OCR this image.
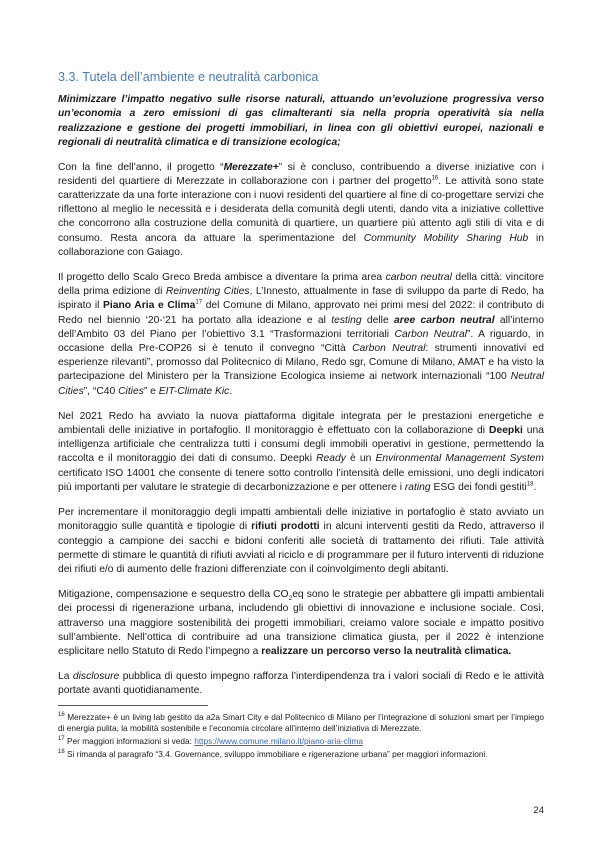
3.3. Tutela dell’ambiente e neutralità carbonica

Minimizzare l’impatto negativo sulle risorse naturali, attuando un’evoluzione progressiva verso un’economia a zero emissioni di gas climalteranti sia nella propria operatività sia nella realizzazione e gestione dei progetti immobiliari, in linea con gli obiettivi europei, nazionali e regionali di neutralità climatica e di transizione ecologica;

Con la fine dell’anno, il progetto “Merezzate+” si è concluso, contribuendo a diverse iniziative con i residenti del quartiere di Merezzate in collaborazione con i partner del progetto$^{16}$. Le attività sono state caratterizzate da una forte interazione con i nuovi residenti del quartiere al fine di co-progettare servizi che riflettono al meglio le necessità e i desiderata della comunità degli utenti, dando vita a iniziative collettive che concorrono alla costruzione della comunità di quartiere, un quartiere più attento agli stili di vita e di consumo. Resta ancora da attuare la sperimentazione del Community Mobility Sharing Hub in collaborazione con Gaiago.

Il progetto dello Scalo Greco Breda ambisce a diventare la prima area carbon neutral della città: vincitore della prima edizione di Reinventing Cities, L’Innesto, attualmente in fase di sviluppo da parte di Redo, ha ispirato il Piano Aria e Clima$^{17}$ del Comune di Milano, approvato nei primi mesi del 2022: il contributo di Redo nel biennio ‘20-‘21 ha portato alla ideazione e al testing delle aree carbon neutral all’interno dell’Ambito 03 del Piano per l’obiettivo 3.1 “Trasformazioni territoriali Carbon Neutral”. A riguardo, in occasione della Pre-COP26 si è tenuto il convegno “Città Carbon Neutral: strumenti innovativi ed esperienze rilevanti”, promosso dal Politecnico di Milano, Redo sgr, Comune di Milano, AMAT e ha visto la partecipazione del Ministero per la Transizione Ecologica insieme ai network internazionali “100 Neutral Cities”, “C40 Cities” e EIT-Climate Kic.

Nel 2021 Redo ha avviato la nuova piattaforma digitale integrata per le prestazioni energetiche e ambientali delle iniziative in portafoglio. Il monitoraggio è effettuato con la collaborazione di Deepki una intelligenza artificiale che centralizza tutti i consumi degli immobili operativi in gestione, permettendo la raccolta e il monitoraggio dei dati di consumo. Deepki Ready è un Environmental Management System certificato ISO 14001 che consente di tenere sotto controllo l’intensità delle emissioni, uno degli indicatori più importanti per valutare le strategie di decarbonizzazione e per ottenere i rating ESG dei fondi gestiti$^{18}$.

Per incrementare il monitoraggio degli impatti ambientali delle iniziative in portafoglio è stato avviato un monitoraggio sulle quantità e tipologie di rifiuti prodotti in alcuni interventi gestiti da Redo, attraverso il conteggio a campione dei sacchi e bidoni conferiti alle società di trattamento dei rifiuti. Tale attività permette di stimare le quantità di rifiuti avviati al riciclo e di programmare per il futuro interventi di riduzione dei rifiuti e/o di aumento delle frazioni differenziate con il coinvolgimento degli abitanti.

Mitigazione, compensazione e sequestro della $CO_2eq$ sono le strategie per abbattere gli impatti ambientali dei processi di rigenerazione urbana, includendo gli obiettivi di innovazione e inclusione sociale. Così, attraverso una maggiore sostenibilità dei progetti immobiliari, creiamo valore sociale e impatto positivo sull’ambiente. Nell’ottica di contribuire ad una transizione climatica giusta, per il 2022 è intenzione esplicitare nello Statuto di Redo l’impegno a realizzare un percorso verso la neutralità climatica.

La disclosure pubblica di questo impegno rafforza l’interdipendenza tra i valori sociali di Redo e le attività portate avanti quotidianamente.

$^{16}$ Merezzate+ è un living lab gestito da a2a Smart City e dal Politecnico di Milano per l’integrazione di soluzioni smart per l’impiego di energia pulita, la mobilità sostenibile e l’economia circolare all’interno dell’iniziativa di Merezzate.

$^{17}$ Per maggiori informazioni si veda: https://www.comune.milano.it/piano-aria-clima

$^{18}$ Si rimanda al paragrafo “3.4. Governance, sviluppo immobiliare e rigenerazione urbana” per maggiori informazioni.

24
